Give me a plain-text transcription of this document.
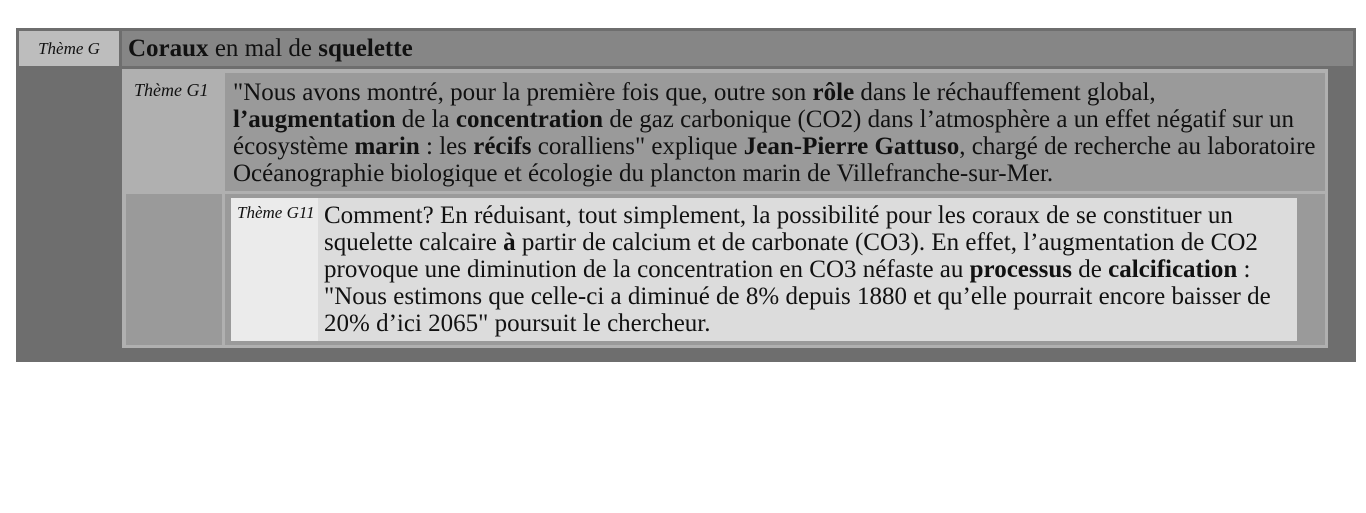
Thème G	Coraux en mal de squelette
Thème G1 "Nous avons montré, pour la première fois que, outre son rôle dans le réchauffement global, l’augmentation de la concentration de gaz carbonique (CO2) dans l’atmosphère a un effet négatif sur un écosystème marin : les récifs coralliens" explique Jean-Pierre Gattuso, chargé de recherche au laboratoire Océanographie biologique et écologie du plancton marin de Villefranche-sur-Mer.
Thème G11 Comment? En réduisant, tout simplement, la possibilité pour les coraux de se constituer un squelette calcaire à partir de calcium et de carbonate (CO3). En effet, l’augmentation de CO2 provoque une diminution de la concentration en CO3 néfaste au processus de calcification : "Nous estimons que celle-ci a diminué de 8% depuis 1880 et qu’elle pourrait encore baisser de 20% d’ici 2065" poursuit le chercheur.
